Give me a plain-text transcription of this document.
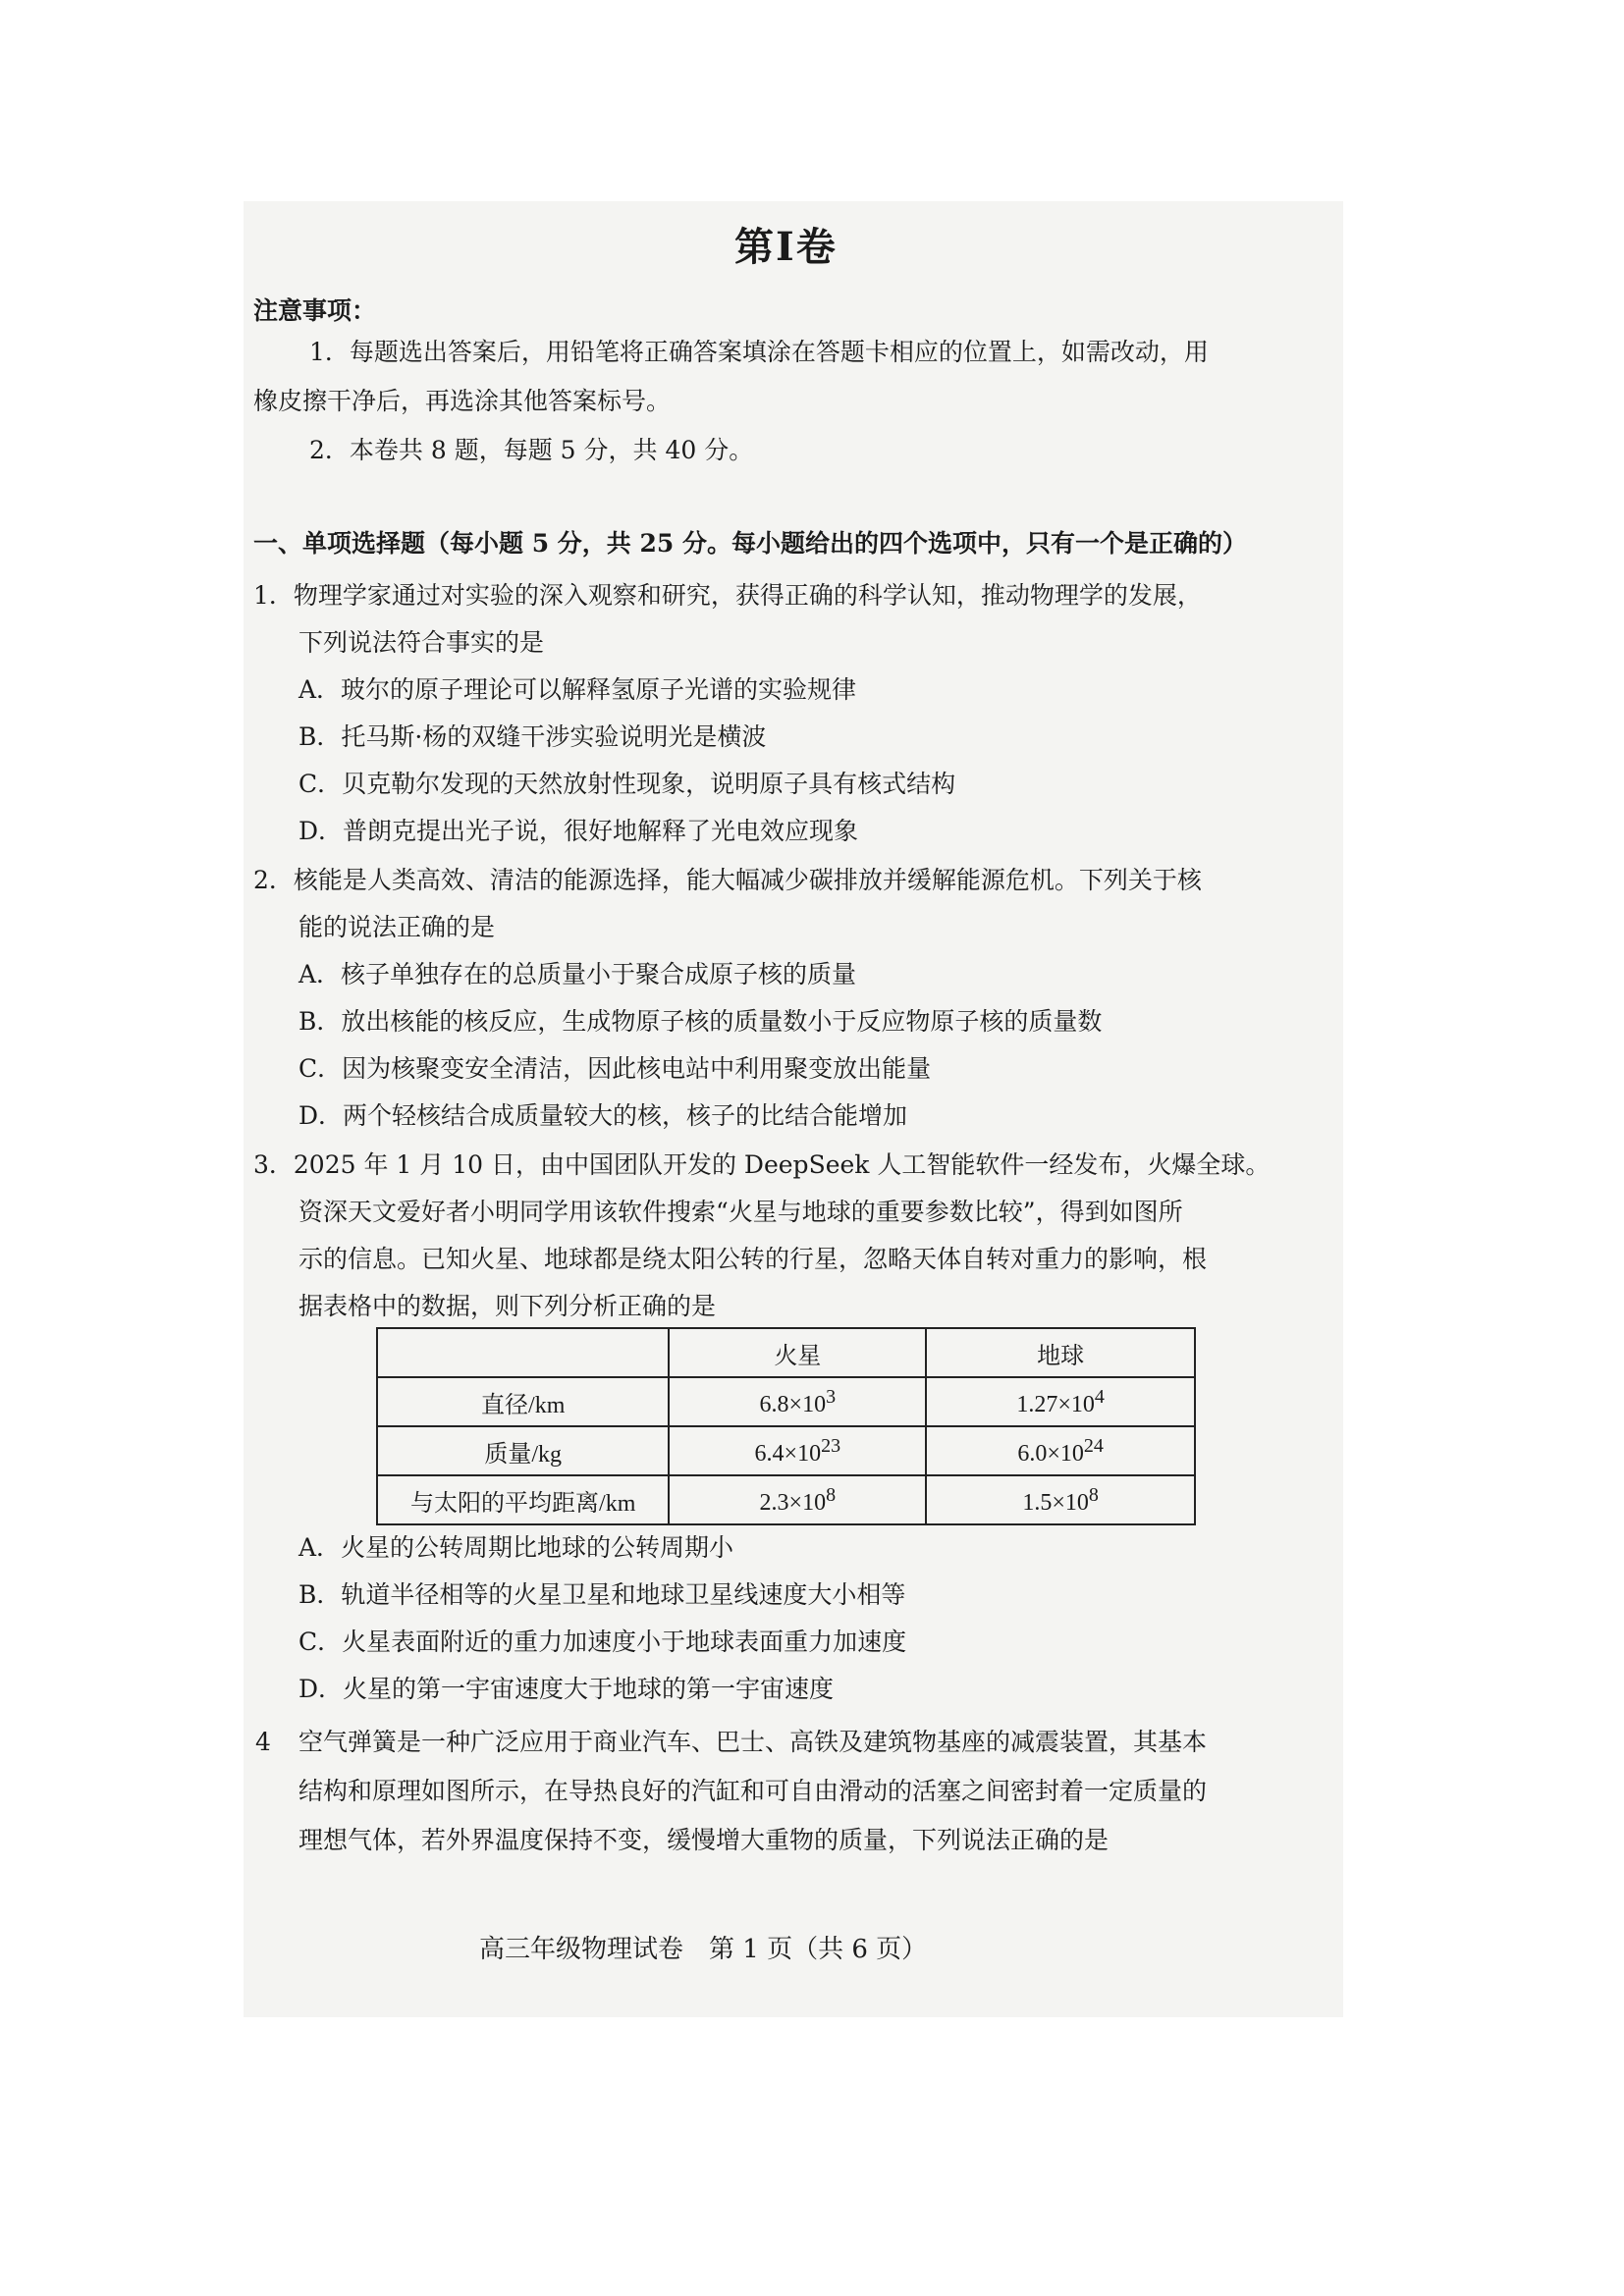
第Ⅰ卷
注意事项：
1．每题选出答案后，用铅笔将正确答案填涂在答题卡相应的位置上，如需改动，用
橡皮擦干净后，再选涂其他答案标号。
2．本卷共 8 题，每题 5 分，共 40 分。
一、单项选择题（每小题 5 分，共 25 分。每小题给出的四个选项中，只有一个是正确的）
1．物理学家通过对实验的深入观察和研究，获得正确的科学认知，推动物理学的发展，
下列说法符合事实的是
A．玻尔的原子理论可以解释氢原子光谱的实验规律
B．托马斯·杨的双缝干涉实验说明光是横波
C．贝克勒尔发现的天然放射性现象，说明原子具有核式结构
D．普朗克提出光子说，很好地解释了光电效应现象
2．核能是人类高效、清洁的能源选择，能大幅减少碳排放并缓解能源危机。下列关于核
能的说法正确的是
A．核子单独存在的总质量小于聚合成原子核的质量
B．放出核能的核反应，生成物原子核的质量数小于反应物原子核的质量数
C．因为核聚变安全清洁，因此核电站中利用聚变放出能量
D．两个轻核结合成质量较大的核，核子的比结合能增加
3．2025 年 1 月 10 日，由中国团队开发的 DeepSeek 人工智能软件一经发布，火爆全球。
资深天文爱好者小明同学用该软件搜索“火星与地球的重要参数比较”，得到如图所
示的信息。已知火星、地球都是绕太阳公转的行星，忽略天体自转对重力的影响，根
据表格中的数据，则下列分析正确的是
	火星	地球
直径/km	$6.8\times 10^3$	$1.27\times 10^4$
质量/kg	$6.4\times 10^{23}$	$6.0\times 10^{24}$
与太阳的平均距离/km	$2.3\times 10^8$	$1.5\times 10^8$
A．火星的公转周期比地球的公转周期小
B．轨道半径相等的火星卫星和地球卫星线速度大小相等
C．火星表面附近的重力加速度小于地球表面重力加速度
D．火星的第一宇宙速度大于地球的第一宇宙速度
4 空气弹簧是一种广泛应用于商业汽车、巴士、高铁及建筑物基座的减震装置，其基本
结构和原理如图所示，在导热良好的汽缸和可自由滑动的活塞之间密封着一定质量的
理想气体，若外界温度保持不变，缓慢增大重物的质量，下列说法正确的是
高三年级物理试卷　第 1 页（共 6 页）
